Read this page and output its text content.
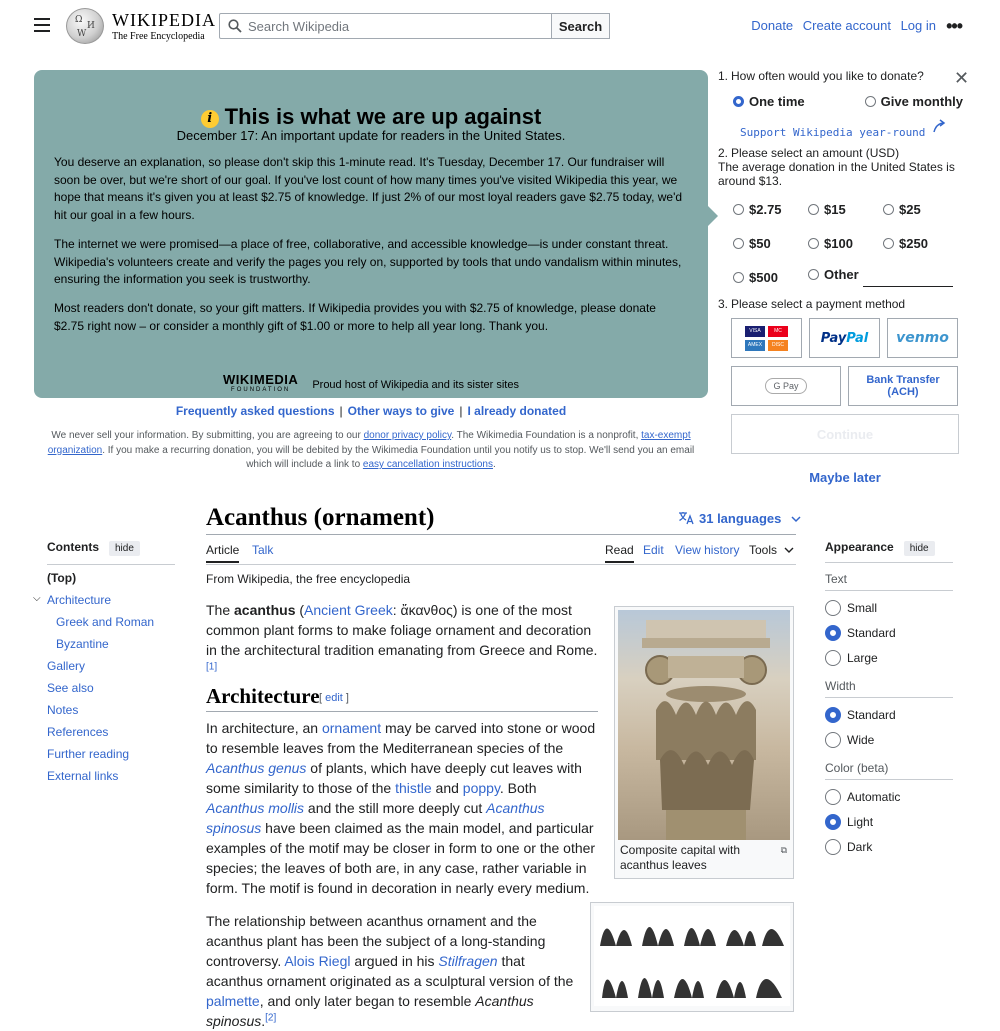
Ω
И
W
WIKIPEDIA
The Free Encyclopedia
Search Wikipedia
Search	Donate Create account Log in •••
i This is what we are up against
December 17: An important update for readers in the United States.

You deserve an explanation, so please don't skip this 1-minute read. It's Tuesday, December 17. Our fundraiser will soon be over, but we're short of our goal. If you've lost count of how many times you've visited Wikipedia this year, we hope that means it's given you at least $2.75 of knowledge. If just 2% of our most loyal readers gave $2.75 today, we'd hit our goal in a few hours.

The internet we were promised—a place of free, collaborative, and accessible knowledge—is under constant threat. Wikipedia's volunteers create and verify the pages you rely on, supported by tools that undo vandalism within minutes, ensuring the information you seek is trustworthy.

Most readers don't donate, so your gift matters. If Wikipedia provides you with $2.75 of knowledge, please donate $2.75 right now – or consider a monthly gift of $1.00 or more to help all year long. Thank you.

WIKIMEDIA
FOUNDATION	Proud host of Wikipedia and its sister sites
Frequently asked questions | Other ways to give | I already donated
We never sell your information. By submitting, you are agreeing to our donor privacy policy. The Wikimedia Foundation is a nonprofit, tax-exempt organization. If you make a recurring donation, you will be debited by the Wikimedia Foundation until you notify us to stop. We'll send you an email which will include a link to easy cancellation instructions.
1. How often would you like to donate? ✕
One time	Give monthly
Support Wikipedia year-round
2. Please select an amount (USD)
The average donation in the United States is around $13.
$2.75	$15	$25
$50	$100	$250
$500	Other
3. Please select a payment method
VISA	MC
AMEX	DISC	PayPal venmo
G Pay	Bank Transfer (ACH)
Continue
Maybe later
Acanthus (ornament)	31 languages
Article Talk	Read Edit View history Tools
From Wikipedia, the free encyclopedia

The acanthus (Ancient Greek: ἄκανθος) is one of the most common plant forms to make foliage ornament and decoration in the architectural tradition emanating from Greece and Rome.[1]

Architecture [ edit ]

In architecture, an ornament may be carved into stone or wood to resemble leaves from the Mediterranean species of the Acanthus genus of plants, which have deeply cut leaves with some similarity to those of the thistle and poppy. Both Acanthus mollis and the still more deeply cut Acanthus spinosus have been claimed as the main model, and particular examples of the motif may be closer in form to one or the other species; the leaves of both are, in any case, rather variable in form. The motif is found in decoration in nearly every medium.

The relationship between acanthus ornament and the acanthus plant has been the subject of a long-standing controversy. Alois Riegl argued in his Stilfragen that acanthus ornament originated as a sculptural version of the palmette, and only later began to resemble Acanthus spinosus.[2]

Composite capital with acanthus leaves
⧉
Contents hide
(Top)
⌵ Architecture
Greek and Roman
Byzantine
Gallery
See also
Notes
References
Further reading
External links
Appearance hide
Text
Small
Standard
Large
Width
Standard
Wide
Color (beta)
Automatic
Light
Dark
